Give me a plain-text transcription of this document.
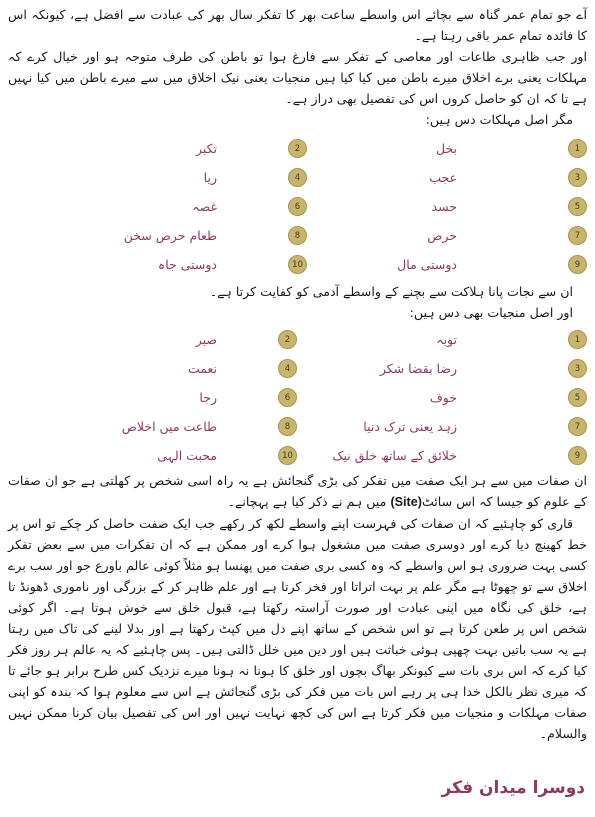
آے جو تمام عمر گناہ سے بچائے اس واسطے ساعت بھر کا تفکر سال بھر کی عبادت سے افضل ہے، کیونکہ اس کا فائدہ تمام عمر باقی رہتا ہے۔

اور جب ظاہری طاعات اور معاصی کے تفکر سے فارغ ہوا تو باطن کی طرف متوجہ ہو اور خیال کرے کہ مہلکات یعنی برے اخلاق میرے باطن میں کیا کیا ہیں منجیات یعنی نیک اخلاق میں سے میرے باطن میں کیا نہیں ہے تا کہ ان کو حاصل کروں اس کی تفصیل بھی دراز ہے۔

مگر اصل مہلکات دس ہیں:

1
بخل
2
تکبر
3
عجب
4
ریا
5
حسد
6
غصہ
7
حرص
8
طعام حرص سخن
9
دوستی مال
10
دوستی جاہ

ان سے نجات پانا ہلاکت سے بچنے کے واسطے آدمی کو کفایت کرتا ہے۔

اور اصل منجیات بھی دس ہیں:

1
توبہ
2
صبر
3
رضا بقضا شکر
4
نعمت
5
خوف
6
رجا
7
زہد یعنی ترک دنیا
8
طاعت میں اخلاص
9
خلائق کے ساتھ خلق نیک
10
محبت الہی

ان صفات میں سے ہر ایک صفت میں تفکر کی بڑی گنجائش ہے یہ راہ اسی شخص پر کھلتی ہے جو ان صفات کے علوم کو جیسا کہ اس سائٹ(Site) میں ہم نے ذکر کیا ہے پہچانے۔

قاری کو چاہئیے کہ ان صفات کی فہرست اپنے واسطے لکھ کر رکھے جب ایک صفت حاصل کر چکے تو اس پر خط کھینچ دیا کرے اور دوسری صفت میں مشغول ہوا کرے اور ممکن ہے کہ ان تفکرات میں سے بعض تفکر کسی بہت ضروری ہو اس واسطے کہ وہ کسی بری صفت میں پھنسا ہو مثلاً کوئی عالم باورع جو اور سب برے اخلاق سے تو چھوٹا ہے مگر علم پر بہت اتراتا اور فخر کرتا ہے اور علم ظاہر کر کے بزرگی اور ناموری ڈھونڈ تا ہے، خلق کی نگاہ میں اپنی عبادت اور صورت آراستہ رکھتا ہے، قبول خلق سے خوش ہوتا ہے۔ اگر کوئی شخص اس پر طعن کرتا ہے تو اس شخص کے ساتھ اپنے دل میں کپٹ رکھتا ہے اور بدلا لینے کی تاک میں رہتا ہے یہ سب باتیں بہت چھپی ہوئی خباثت ہیں اور دین میں خلل ڈالتی ہیں۔ پس چاہئیے کہ یہ عالم ہر روز فکر کیا کرے کہ اس بری بات سے کیونکر بھاگ بچوں اور خلق کا ہونا نہ ہونا میرے نزدیک کس طرح برابر ہو جائے تا کہ میری نظر بالکل خدا ہی پر رہے اس بات میں فکر کی بڑی گنجائش ہے اس سے معلوم ہوا کہ بندہ کو اپنی صفات مہلکات و منجیات میں فکر کرتا ہے اس کی کچھ نہایت نہیں اور اس کی تفصیل بیان کرنا ممکن نہیں والسلام۔

دوسرا میدان فکر
